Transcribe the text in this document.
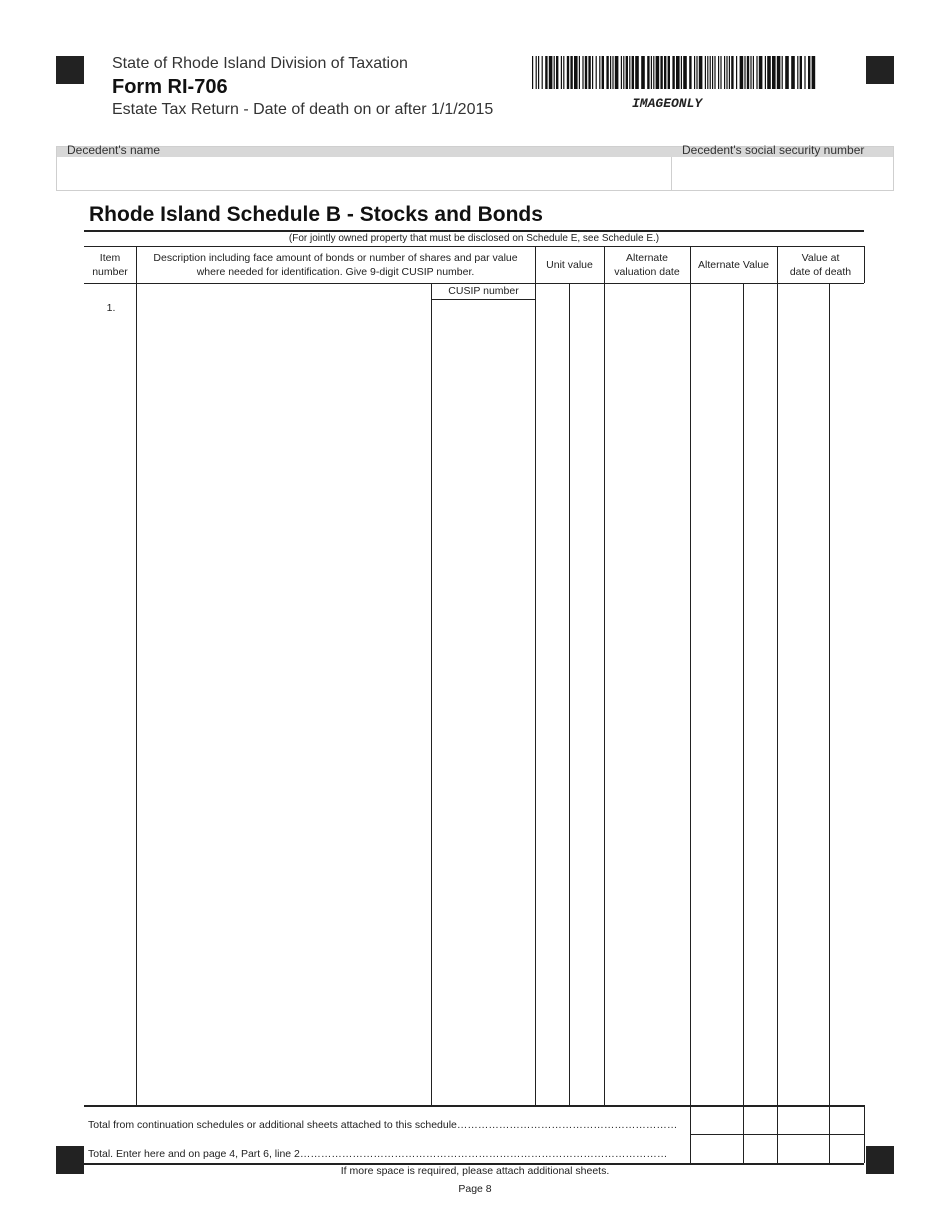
State of Rhode Island Division of Taxation
Form RI-706
Estate Tax Return - Date of death on or after 1/1/2015	IMAGEONLY
Decedent's name	Decedent's social security number
Rhode Island Schedule B - Stocks and Bonds
(For jointly owned property that must be disclosed on Schedule E, see Schedule E.)
Item
number
Description including face amount of bonds or number of shares and par value
where needed for identification. Give 9-digit CUSIP number.
Unit value
Alternate
valuation date
Alternate Value
Value at
date of death
CUSIP number
1.
Total from continuation schedules or additional sheets attached to this schedule………………………………………………………
Total. Enter here and on page 4, Part 6, line 2……………………………………………………………………………………………
If more space is required, please attach additional sheets.
Page 8
